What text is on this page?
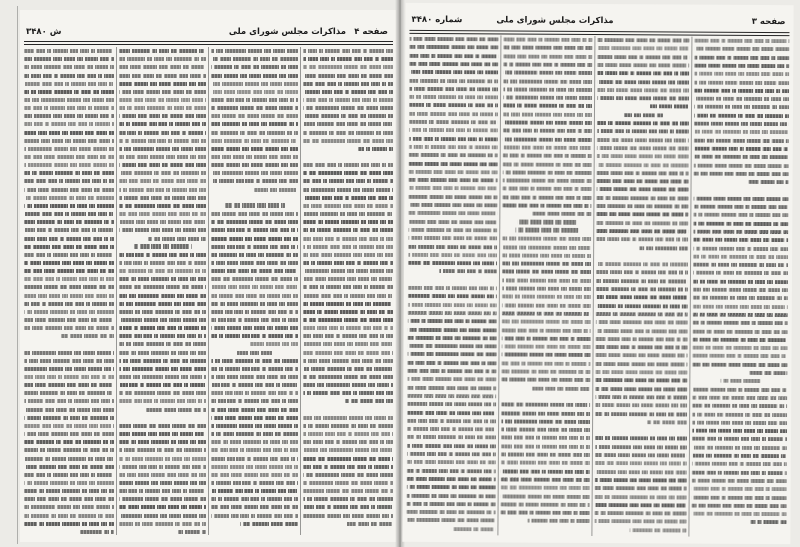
ش ۳۴۸۰	مذاکرات مجلس شورای ملی صفحه ۴
شماره ۳۴۸۰	مذاکرات مجلس شورای ملی	صفحه ۳
